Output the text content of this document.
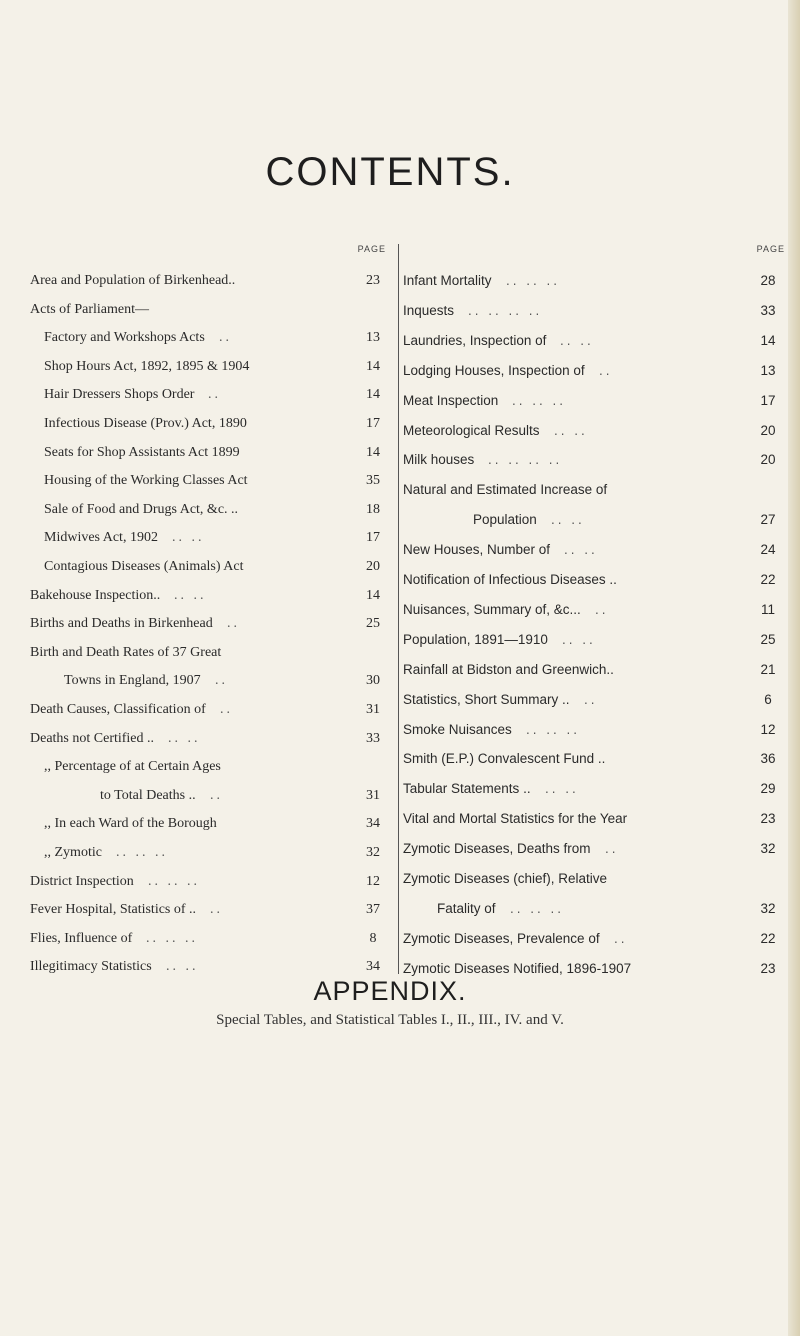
CONTENTS.
PAGE
Area and Population of Birkenhead..	23
Acts of Parliament—
Factory and Workshops Acts ..	13
Shop Hours Act, 1892, 1895 & 1904	14
Hair Dressers Shops Order ..	14
Infectious Disease (Prov.) Act, 1890	17
Seats for Shop Assistants Act 1899	14
Housing of the Working Classes Act	35
Sale of Food and Drugs Act, &c. ..	18
Midwives Act, 1902 .. ..	17
Contagious Diseases (Animals) Act	20
Bakehouse Inspection.. .. ..	14
Births and Deaths in Birkenhead ..	25
Birth and Death Rates of 37 Great
Towns in England, 1907 ..	30
Death Causes, Classification of ..	31
Deaths not Certified .. .. ..	33
,, Percentage of at Certain Ages
to Total Deaths .. ..	31
,, In each Ward of the Borough	34
,, Zymotic .. .. ..	32
District Inspection .. .. ..	12
Fever Hospital, Statistics of .. ..	37
Flies, Influence of .. .. ..	8
Illegitimacy Statistics .. ..	34
PAGE
Infant Mortality .. .. ..	28
Inquests .. .. .. ..	33
Laundries, Inspection of .. ..	14
Lodging Houses, Inspection of ..	13
Meat Inspection .. .. ..	17
Meteorological Results .. ..	20
Milk houses .. .. .. ..	20
Natural and Estimated Increase of
Population .. ..	27
New Houses, Number of .. ..	24
Notification of Infectious Diseases ..	22
Nuisances, Summary of, &c... ..	11
Population, 1891—1910 .. ..	25
Rainfall at Bidston and Greenwich..	21
Statistics, Short Summary .. ..	6
Smoke Nuisances .. .. ..	12
Smith (E.P.) Convalescent Fund ..	36
Tabular Statements .. .. ..	29
Vital and Mortal Statistics for the Year	23
Zymotic Diseases, Deaths from ..	32
Zymotic Diseases (chief), Relative
Fatality of .. .. ..	32
Zymotic Diseases, Prevalence of ..	22
Zymotic Diseases Notified, 1896-1907	23
APPENDIX.
Special Tables, and Statistical Tables I., II., III., IV. and V.
